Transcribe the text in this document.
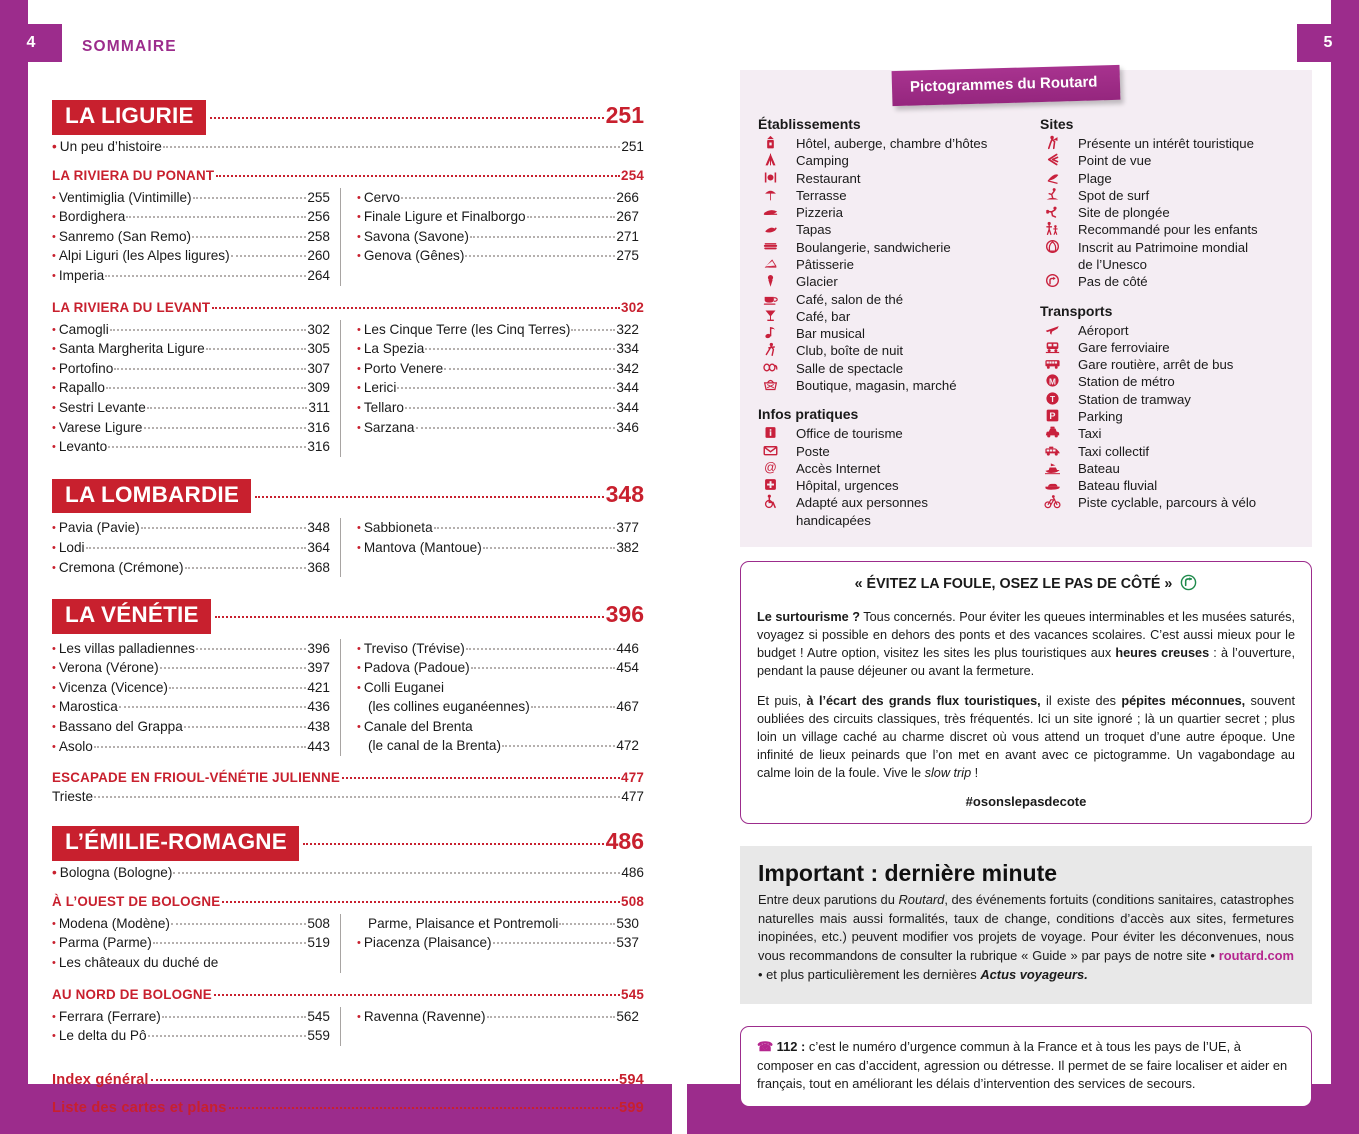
4	5
SOMMAIRE
LA LIGURIE	251
• Un peu d’histoire	251
LA RIVIERA DU PONANT	254
• Ventimiglia (Vintimille)	255
• Bordighera	256
• Sanremo (San Remo)	258
• Alpi Liguri (les Alpes ligures)	260
• Imperia	264
• Cervo	266
• Finale Ligure et Finalborgo	267
• Savona (Savone)	271
• Genova (Gênes)	275
LA RIVIERA DU LEVANT	302
• Camogli	302
• Santa Margherita Ligure	305
• Portofino	307
• Rapallo	309
• Sestri Levante	311
• Varese Ligure	316
• Levanto	316
• Les Cinque Terre (les Cinq Terres)	322
• La Spezia	334
• Porto Venere	342
• Lerici	344
• Tellaro	344
• Sarzana	346
LA LOMBARDIE	348
• Pavia (Pavie)	348
• Lodi	364
• Cremona (Crémone)	368
• Sabbioneta	377
• Mantova (Mantoue)	382
LA VÉNÉTIE	396
• Les villas palladiennes	396
• Verona (Vérone)	397
• Vicenza (Vicence)	421
• Marostica	436
• Bassano del Grappa	438
• Asolo	443
• Treviso (Trévise)	446
• Padova (Padoue)	454
• Colli Euganei
(les collines euganéennes)	467
• Canale del Brenta
(le canal de la Brenta)	472
ESCAPADE EN FRIOUL-VÉNÉTIE JULIENNE	477
Trieste	477
L’ÉMILIE-ROMAGNE	486
• Bologna (Bologne)	486
À L’OUEST DE BOLOGNE	508
• Modena (Modène)	508
• Parma (Parme)	519
• Les châteaux du duché de
Parme, Plaisance et Pontremoli	530
• Piacenza (Plaisance)	537
AU NORD DE BOLOGNE	545
• Ferrara (Ferrare)	545
• Le delta du Pô	559
• Ravenna (Ravenne)	562
Index général	594
Liste des cartes et plans	599
Pictogrammes du Routard
Établissements
Hôtel, auberge, chambre d’hôtes
Camping
Restaurant
Terrasse
Pizzeria
Tapas
Boulangerie, sandwicherie
Pâtisserie
Glacier
Café, salon de thé
Café, bar
Bar musical
Club, boîte de nuit
Salle de spectacle
Boutique, magasin, marché
Infos pratiques
Office de tourisme
Poste
@ Accès Internet
Hôpital, urgences
Adapté aux personnes
handicapées
Sites
Présente un intérêt touristique
Point de vue
Plage
Spot de surf
Site de plongée
Recommandé pour les enfants
Inscrit au Patrimoine mondial
de l’Unesco
Pas de côté
Transports
Aéroport
Gare ferroviaire
Gare routière, arrêt de bus
M Station de métro
T Station de tramway
P Parking
Taxi
Taxi collectif
Bateau
Bateau fluvial
Piste cyclable, parcours à vélo
« ÉVITEZ LA FOULE, OSEZ LE PAS DE CÔTÉ »

Le surtourisme ? Tous concernés. Pour éviter les queues interminables et les musées saturés, voyagez si possible en dehors des ponts et des vacances scolaires. C’est aussi mieux pour le budget ! Autre option, visitez les sites les plus touristiques aux heures creuses : à l’ouverture, pendant la pause déjeuner ou avant la fermeture.

Et puis, à l’écart des grands flux touristiques, il existe des pépites méconnues, souvent oubliées des circuits classiques, très fréquentés. Ici un site ignoré ; là un quartier secret ; plus loin un village caché au charme discret où vous attend un troquet d’une autre époque. Une infinité de lieux peinards que l’on met en avant avec ce pictogramme. Un vagabondage au calme loin de la foule. Vive le slow trip !

#osonslepasdecote
Important : dernière minute

Entre deux parutions du Routard, des événements fortuits (conditions sanitaires, catastrophes naturelles mais aussi formalités, taux de change, conditions d’accès aux sites, fermetures inopinées, etc.) peuvent modifier vos projets de voyage. Pour éviter les déconvenues, nous vous recommandons de consulter la rubrique « Guide » par pays de notre site • routard.com • et plus particulièrement les dernières Actus voyageurs.

☎ 112 : c’est le numéro d’urgence commun à la France et à tous les pays de l’UE, à composer en cas d’accident, agression ou détresse. Il permet de se faire localiser et aider en français, tout en améliorant les délais d’intervention des services de secours.
